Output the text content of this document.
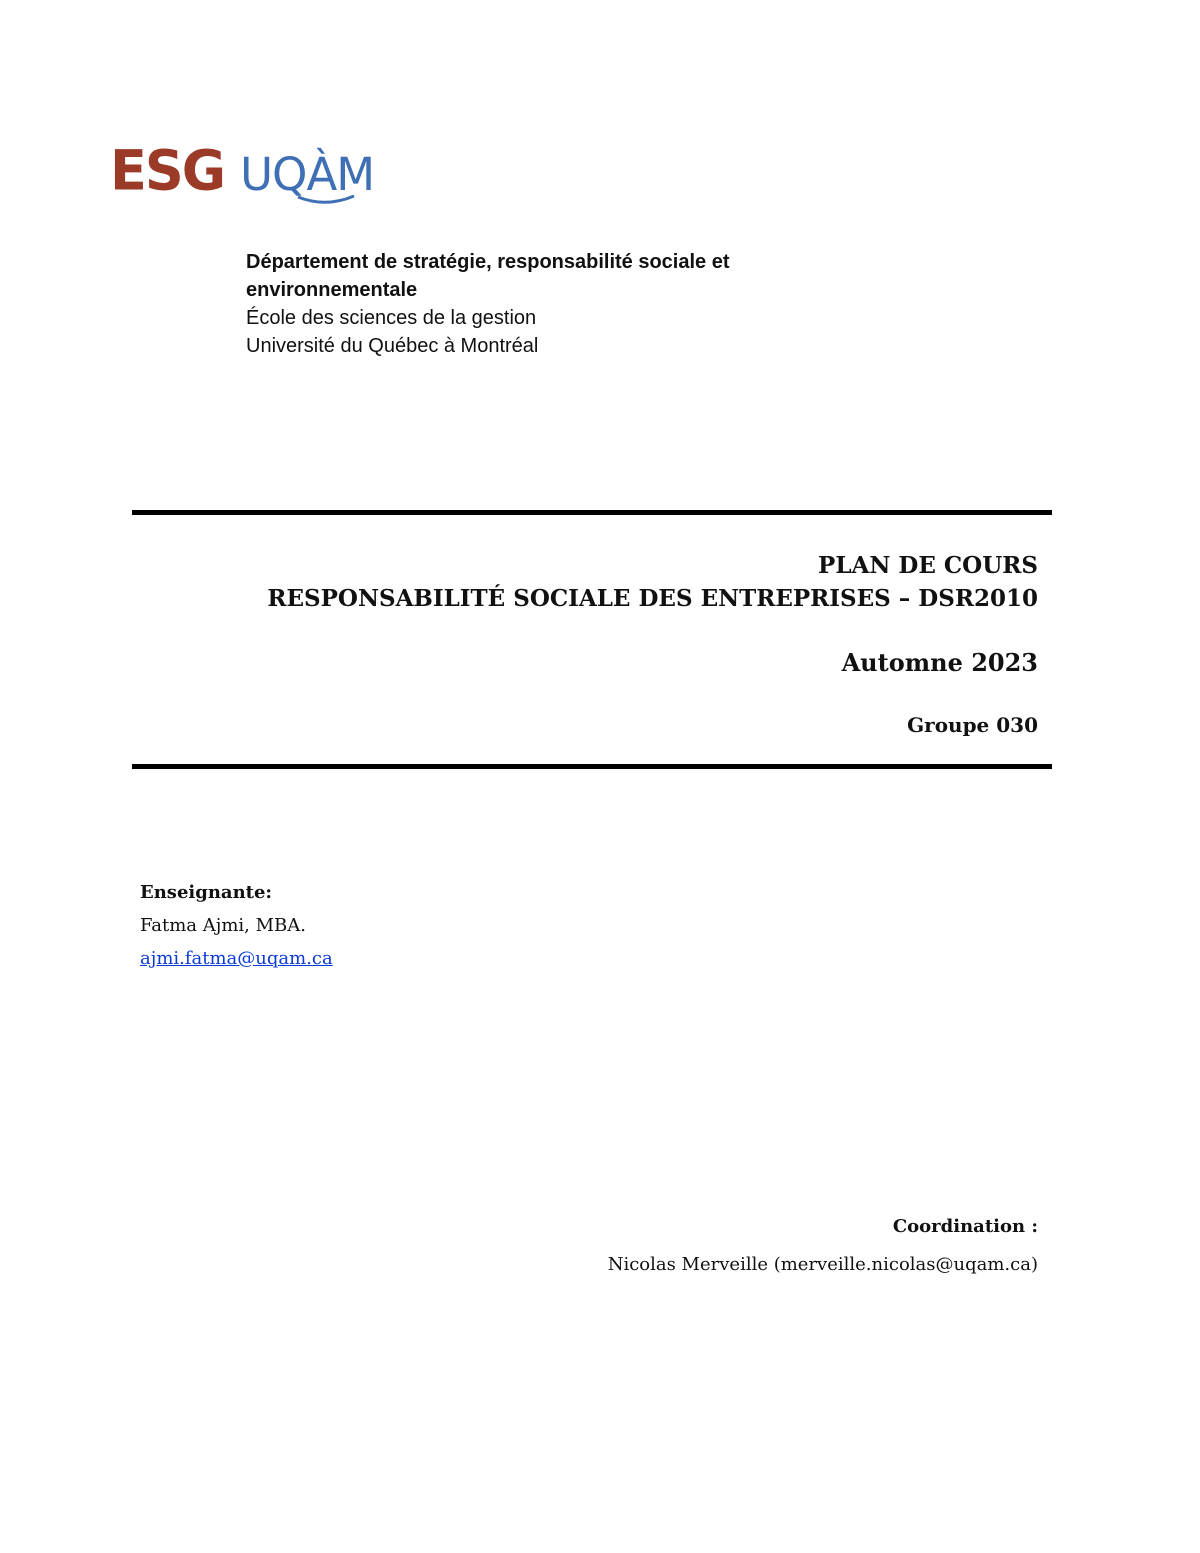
ESG UQÀM
Département de stratégie, responsabilité sociale et
environnementale
École des sciences de la gestion
Université du Québec à Montréal
PLAN DE COURS
RESPONSABILITÉ SOCIALE DES ENTREPRISES – DSR2010
Automne 2023
Groupe 030
Enseignante:
Fatma Ajmi, MBA.
ajmi.fatma@uqam.ca
Coordination :
Nicolas Merveille (merveille.nicolas@uqam.ca)
